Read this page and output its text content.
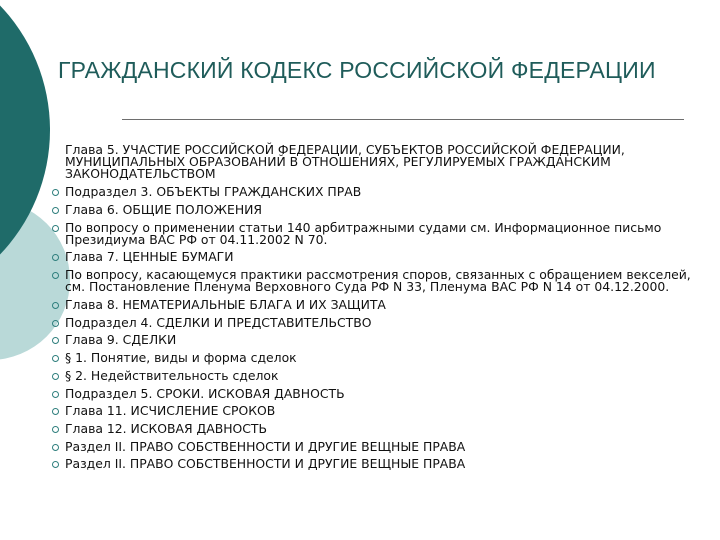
ГРАЖДАНСКИЙ КОДЕКС РОССИЙСКОЙ ФЕДЕРАЦИИ
Глава 5. УЧАСТИЕ РОССИЙСКОЙ ФЕДЕРАЦИИ, СУБЪЕКТОВ РОССИЙСКОЙ ФЕДЕРАЦИИ, МУНИЦИПАЛЬНЫХ ОБРАЗОВАНИЙ В ОТНОШЕНИЯХ, РЕГУЛИРУЕМЫХ ГРАЖДАНСКИМ ЗАКОНОДАТЕЛЬСТВОМ
Подраздел 3. ОБЪЕКТЫ ГРАЖДАНСКИХ ПРАВ
Глава 6. ОБЩИЕ ПОЛОЖЕНИЯ
По вопросу о применении статьи 140 арбитражными судами см. Информационное письмо Президиума ВАС РФ от 04.11.2002 N 70.
Глава 7. ЦЕННЫЕ БУМАГИ
По вопросу, касающемуся практики рассмотрения споров, связанных с обращением векселей, см. Постановление Пленума Верховного Суда РФ N 33, Пленума ВАС РФ N 14 от 04.12.2000.
Глава 8. НЕМАТЕРИАЛЬНЫЕ БЛАГА И ИХ ЗАЩИТА
Подраздел 4. СДЕЛКИ И ПРЕДСТАВИТЕЛЬСТВО
Глава 9. СДЕЛКИ
§ 1. Понятие, виды и форма сделок
§ 2. Недействительность сделок
Подраздел 5. СРОКИ. ИСКОВАЯ ДАВНОСТЬ
Глава 11. ИСЧИСЛЕНИЕ СРОКОВ
Глава 12. ИСКОВАЯ ДАВНОСТЬ
Раздел II. ПРАВО СОБСТВЕННОСТИ И ДРУГИЕ ВЕЩНЫЕ ПРАВА
Раздел II. ПРАВО СОБСТВЕННОСТИ И ДРУГИЕ ВЕЩНЫЕ ПРАВА
